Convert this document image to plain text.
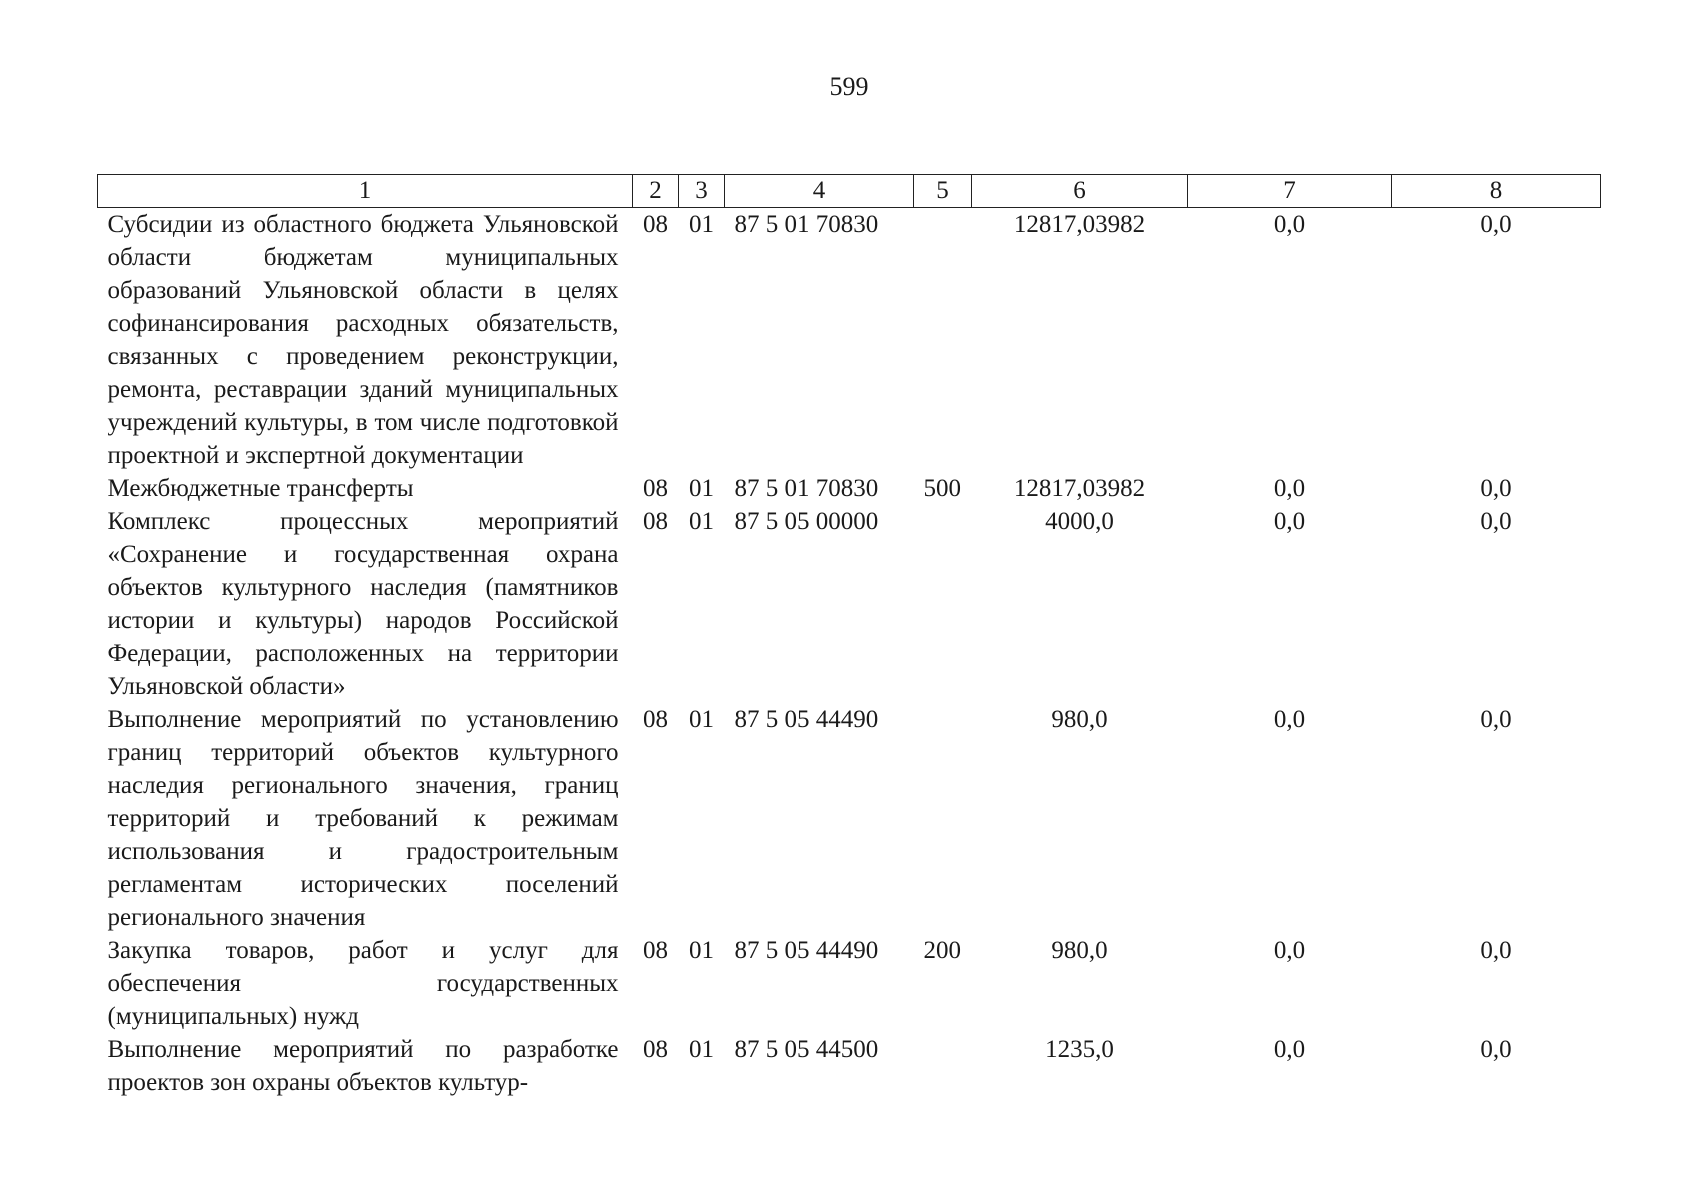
599
1	2	3	4	5	6	7	8
Субсидии из областного бюджета Ульяновской области бюджетам муниципальных образований Ульяновской области в целях софинансирования расходных обязательств, связанных с проведением реконструкции, ремонта, реставрации зданий муниципальных учреждений культуры, в том числе подготовкой проектной и экспертной документации	08	01	87 5 01 70830		12817,03982	0,0	0,0
Межбюджетные трансферты	08	01	87 5 01 70830	500	12817,03982	0,0	0,0
Комплекс процессных мероприятий «Сохранение и государственная охрана объектов культурного наследия (памятников истории и культуры) народов Российской Федерации, расположенных на территории Ульяновской области»	08	01	87 5 05 00000		4000,0	0,0	0,0
Выполнение мероприятий по установлению границ территорий объектов культурного наследия регионального значения, границ территорий и требований к режимам использования и градостроительным регламентам исторических поселений регионального значения	08	01	87 5 05 44490		980,0	0,0	0,0
Закупка товаров, работ и услуг для обеспечения государственных (муниципальных) нужд	08	01	87 5 05 44490	200	980,0	0,0	0,0
Выполнение мероприятий по разработке проектов зон охраны объектов культур-	08	01	87 5 05 44500		1235,0	0,0	0,0
